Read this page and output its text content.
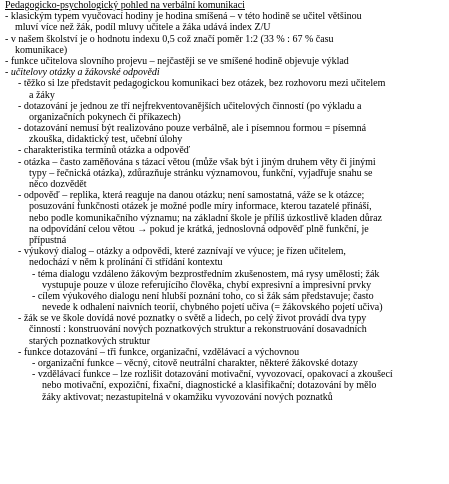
Pedagogicko-psychologický pohled na verbální komunikaci
- klasickým typem vyučovací hodiny je hodina smíšená – v této hodině se učitel většinou
mluví více než žák, podíl mluvy učitele a žáka udává index Z/U
- v našem školství je o hodnotu indexu 0,5 což značí poměr 1:2 (33 % : 67 % času
komunikace)
- funkce učitelova slovního projevu – nejčastěji se ve smíšené hodině objevuje výklad
- učitelovy otázky a žákovské odpovědi
- těžko si lze představit pedagogickou komunikaci bez otázek, bez rozhovoru mezi učitelem
a žáky
- dotazování je jednou ze tří nejfrekventovanějších učitelových činností (po výkladu a
organizačních pokynech či příkazech)
- dotazování nemusí být realizováno pouze verbálně, ale i písemnou formou = písemná
zkouška, didaktický test, učební úlohy
- charakteristika termínů otázka a odpověď
- otázka – často zaměňována s tázací větou (může však být i jiným druhem věty či jinými
typy – řečnická otázka), zdůrazňuje stránku významovou, funkční, vyjadřuje snahu se
něco dozvědět
- odpověď – replika, která reaguje na danou otázku; není samostatná, váže se k otázce;
posuzování funkčnosti otázek je možné podle míry informace, kterou tazatelé přináší,
nebo podle komunikačního významu; na základní škole je příliš úzkostlivě kladen důraz
na odpovídání celou větou → pokud je krátká, jednoslovná odpověď plně funkční, je
přípustná
- výukový dialog – otázky a odpovědi, které zaznívají ve výuce; je řízen učitelem,
nedochází v něm k prolínání či střídání kontextu
- téma dialogu vzdáleno žákovým bezprostředním zkušenostem, má rysy umělosti; žák
vystupuje pouze v úloze referujícího člověka, chybí expresivní a impresivní prvky
- cílem výukového dialogu není hlubší poznání toho, co si žák sám představuje; často
nevede k odhalení naivních teorií, chybného pojetí učiva (= žákovského pojetí učiva)
- žák se ve škole dovídá nové poznatky o světě a lidech, po celý život provádí dva typy
činností : konstruování nových poznatkových struktur a rekonstruování dosavadních
starých poznatkových struktur
- funkce dotazování – tři funkce, organizační, vzdělávací a výchovnou
- organizační funkce – věcný, citově neutrální charakter, některé žákovské dotazy
- vzdělávací funkce – lze rozlišit dotazování motivační, vyvozovací, opakovací a zkoušecí
nebo motivační, expoziční, fixační, diagnostické a klasifikační; dotazování by mělo
žáky aktivovat; nezastupitelná v okamžiku vyvozování nových poznatků
